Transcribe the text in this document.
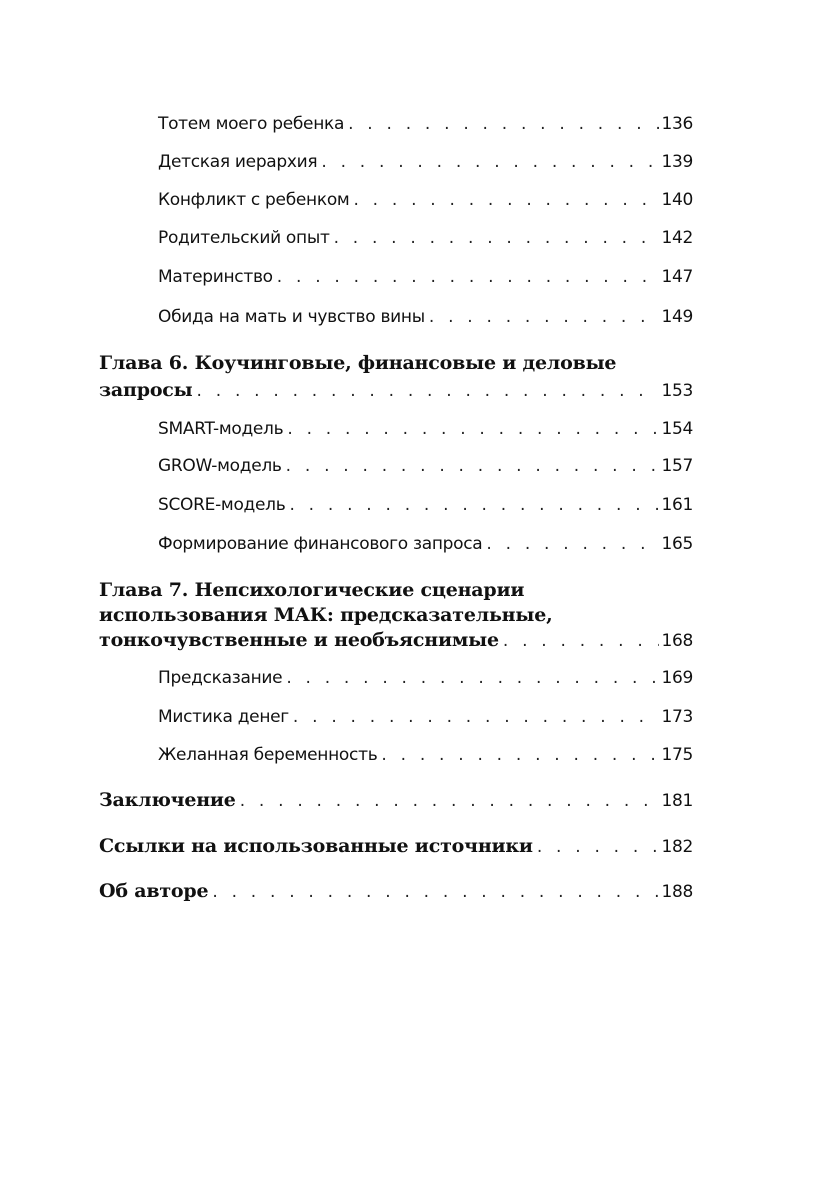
Тотем моего ребенка . . .	136
Детская иерархия . . .	139
Конфликт с ребенком . . .	140
Родительский опыт . . .	142
Материнство . . .	147
Обида на мать и чувство вины . . .	149
Глава 6. Коучинговые, финансовые и деловые
запросы . . .	153
SMART-модель . . .	154
GROW-модель . . .	157
SCORE-модель . . .	161
Формирование финансового запроса . . .	165
Глава 7. Непсихологические сценарии
использования МАК: предсказательные,
тонкочувственные и необъяснимые . . .	168
Предсказание . . .	169
Мистика денег . . .	173
Желанная беременность . . .	175
Заключение . . .	181
Ссылки на использованные источники . . .	182
Об авторе . . .	188
